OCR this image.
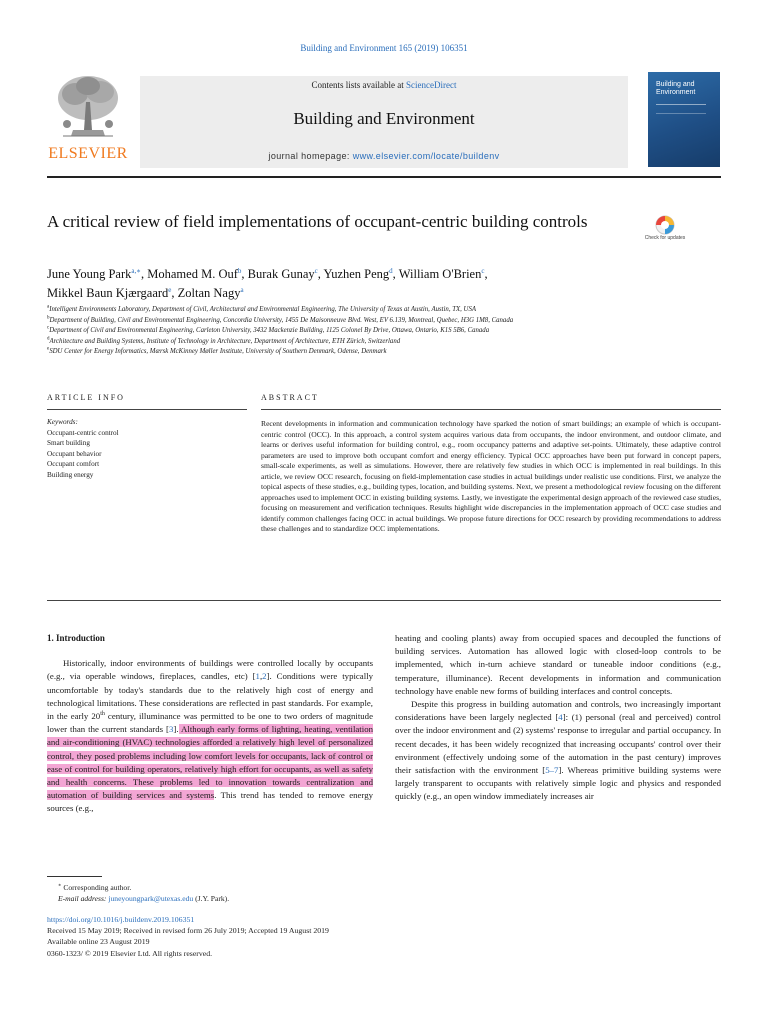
Building and Environment 165 (2019) 106351
ELSEVIER
Contents lists available at ScienceDirect
Building and Environment
journal homepage: www.elsevier.com/locate/buildenv
Building and Environment
A critical review of field implementations of occupant-centric building controls
Check for updates
June Young Park$^{a,∗}$, Mohamed M. Ouf$^b$, Burak Gunay$^c$, Yuzhen Peng$^d$, William O'Brien$^c$,
Mikkel Baun Kjærgaard$^e$, Zoltan Nagy$^a$
$^a$Intelligent Environments Laboratory, Department of Civil, Architectural and Environmental Engineering, The University of Texas at Austin, Austin, TX, USA
$^b$Department of Building, Civil and Environmental Engineering, Concordia University, 1455 De Maisonneuve Blvd. West, EV 6.139, Montreal, Quebec, H3G 1M8, Canada
$^c$Department of Civil and Environmental Engineering, Carleton University, 3432 Mackenzie Building, 1125 Colonel By Drive, Ottawa, Ontario, K1S 5B6, Canada
$^d$Architecture and Building Systems, Institute of Technology in Architecture, Department of Architecture, ETH Zürich, Switzerland
$^e$SDU Center for Energy Informatics, Mærsk McKinney Møller Institute, University of Southern Denmark, Odense, Denmark
ARTICLE INFO	ABSTRACT
Keywords:
Occupant-centric control
Smart building
Occupant behavior
Occupant comfort
Building energy
Recent developments in information and communication technology have sparked the notion of smart buildings; an example of which is occupant-centric control (OCC). In this approach, a control system acquires various data from occupants, the indoor environment, and outdoor climate, and learns or derives useful information for building control, e.g., room occupancy patterns and adaptive set-points. Ultimately, these adaptive control parameters are used to improve both occupant comfort and energy efficiency. Typical OCC approaches have been put forward in concept papers, small-scale experiments, as well as simulations. However, there are relatively few studies in which OCC is implemented in real buildings. In this article, we review OCC research, focusing on field-implementation case studies in actual buildings under realistic use conditions. First, we analyze the topical aspects of these studies, e.g., building types, location, and building systems. Next, we present a methodological review focusing on the different approaches used to implement OCC in existing building systems. Lastly, we investigate the experimental design approach of the reviewed case studies, focusing on measurement and verification techniques. Results highlight wide discrepancies in the implementation approach of OCC case studies and identify common challenges facing OCC in actual buildings. We propose future directions for OCC research by providing recommendations to address these challenges and to standardize OCC implementations.
1. Introduction

Historically, indoor environments of buildings were controlled locally by occupants (e.g., via operable windows, fireplaces, candles, etc) [1,2]. Conditions were typically uncomfortable by today's standards due to the relatively high cost of energy and technological limitations. These considerations are reflected in past standards. For example, in the early 20th century, illuminance was permitted to be one to two orders of magnitude lower than the current standards [3]. Although early forms of lighting, heating, ventilation and air-conditioning (HVAC) technologies afforded a relatively high level of personalized control, they posed problems including low comfort levels for occupants, lack of control or ease of control for building operators, relatively high effort for occupants, as well as safety and health concerns. These problems led to innovation towards centralization and automation of building services and systems. This trend has tended to remove energy sources (e.g.,

heating and cooling plants) away from occupied spaces and decoupled the functions of building services. Automation has allowed logic with closed-loop controls to be implemented, which in-turn achieve standard or tuneable indoor conditions (e.g., temperature, illuminance). Recent developments in information and communication technology have enable new forms of building interfaces and control concepts.

Despite this progress in building automation and controls, two increasingly important considerations have been largely neglected [4]: (1) personal (real and perceived) control over the indoor environment and (2) systems' response to irregular and partial occupancy. In recent decades, it has been widely recognized that increasing occupants' control over their environment (effectively undoing some of the automation in the past century) improves their satisfaction with the environment [5–7]. Whereas primitive building systems were largely transparent to occupants with relatively simple logic and physics and responded quickly (e.g., an open window immediately increases air

∗ Corresponding author.
E-mail address: juneyoungpark@utexas.edu (J.Y. Park).
https://doi.org/10.1016/j.buildenv.2019.106351
Received 15 May 2019; Received in revised form 26 July 2019; Accepted 19 August 2019
Available online 23 August 2019
0360-1323/ © 2019 Elsevier Ltd. All rights reserved.
